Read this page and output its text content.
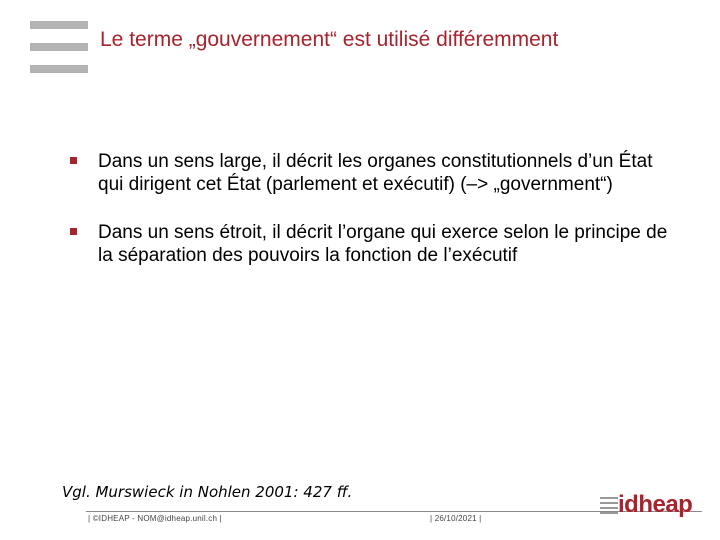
Le terme „gouvernement“ est utilisé différemment
Dans un sens large, il décrit les organes constitutionnels d’un État qui dirigent cet État (parlement et exécutif) (–> „government“)
Dans un sens étroit, il décrit l’organe qui exerce selon le principe de la séparation des pouvoirs la fonction de l’exécutif
Vgl. Murswieck in Nohlen 2001: 427 ff.
| ©IDHEAP - NOM@idheap.unil.ch |	| 26/10/2021 |
idheap
